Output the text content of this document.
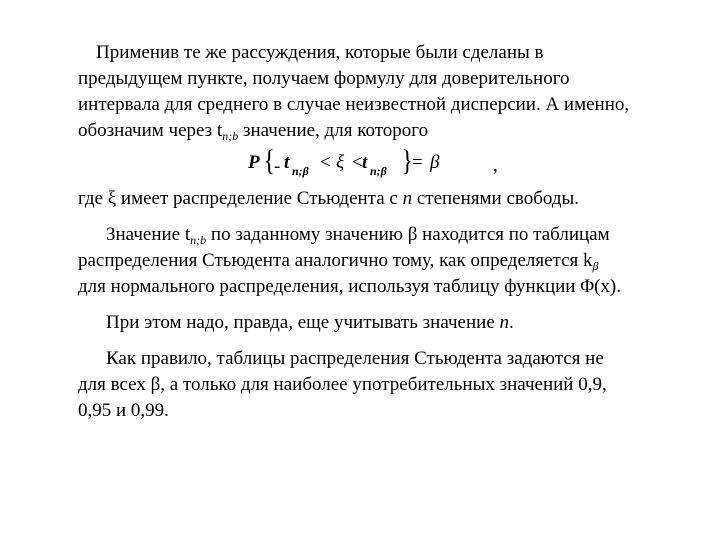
Применив те же рассуждения, которые были сделаны в
предыдущем пункте, получаем формулу для доверительного
интервала для среднего в случае неизвестной дисперсии. А именно,
обозначим через $t_{n;b}$ значение, для которого
P { - t n;β < ξ < t n;β } = β	,
где ξ имеет распределение Стьюдента с n степенями свободы.
Значение $t_{n;b}$ по заданному значению β находится по таблицам
распределения Стьюдента аналогично тому, как определяется $k_\beta$
для нормального распределения, используя таблицу функции Φ(x).
При этом надо, правда, еще учитывать значение n.
Как правило, таблицы распределения Стьюдента задаются не
для всех β, а только для наиболее употребительных значений 0,9,
0,95 и 0,99.
